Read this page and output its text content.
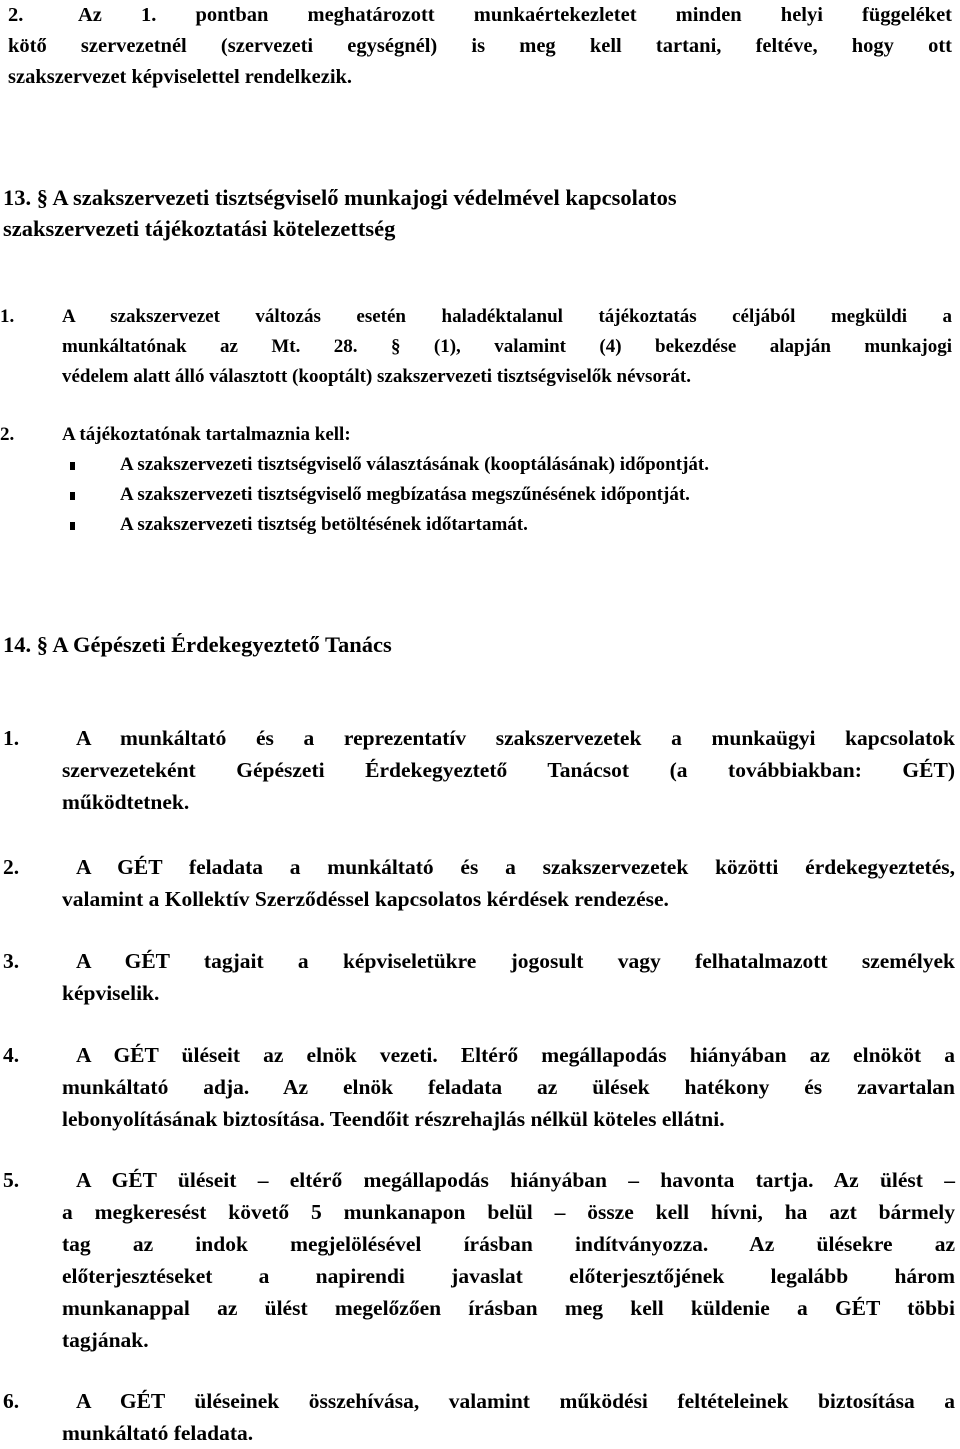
2.	Az 1. pontban meghatározott munkaértekezletet minden helyi függeléket
kötő szervezetnél (szervezeti egységnél) is meg kell tartani, feltéve, hogy ott
szakszervezet képviselettel rendelkezik.
13. § A szakszervezeti tisztségviselő munkajogi védelmével kapcsolatos
szakszervezeti tájékoztatási kötelezettség
1.	A szakszervezet változás esetén haladéktalanul tájékoztatás céljából megküldi a
munkáltatónak az Mt. 28. § (1), valamint (4) bekezdése alapján munkajogi
védelem alatt álló választott (kooptált) szakszervezeti tisztségviselők névsorát.
2.	A tájékoztatónak tartalmaznia kell:
A szakszervezeti tisztségviselő választásának (kooptálásának) időpontját.
A szakszervezeti tisztségviselő megbízatása megszűnésének időpontját.
A szakszervezeti tisztség betöltésének időtartamát.
14. § A Gépészeti Érdekegyeztető Tanács
1.	A munkáltató és a reprezentatív szakszervezetek a munkaügyi kapcsolatok
szervezeteként Gépészeti Érdekegyeztető Tanácsot (a továbbiakban: GÉT)
működtetnek.
2.	A GÉT feladata a munkáltató és a szakszervezetek közötti érdekegyeztetés,
valamint a Kollektív Szerződéssel kapcsolatos kérdések rendezése.
3.	A GÉT tagjait a képviseletükre jogosult vagy felhatalmazott személyek
képviselik.
4.	A GÉT üléseit az elnök vezeti. Eltérő megállapodás hiányában az elnököt a
munkáltató adja. Az elnök feladata az ülések hatékony és zavartalan
lebonyolításának biztosítása. Teendőit részrehajlás nélkül köteles ellátni.
5.	A GÉT üléseit – eltérő megállapodás hiányában – havonta tartja. Az ülést –
a megkeresést követő 5 munkanapon belül – össze kell hívni, ha azt bármely
tag az indok megjelölésével írásban indítványozza. Az ülésekre az
előterjesztéseket a napirendi javaslat előterjesztőjének legalább három
munkanappal az ülést megelőzően írásban meg kell küldenie a GÉT többi
tagjának.
6.	A GÉT üléseinek összehívása, valamint működési feltételeinek biztosítása a
munkáltató feladata.
